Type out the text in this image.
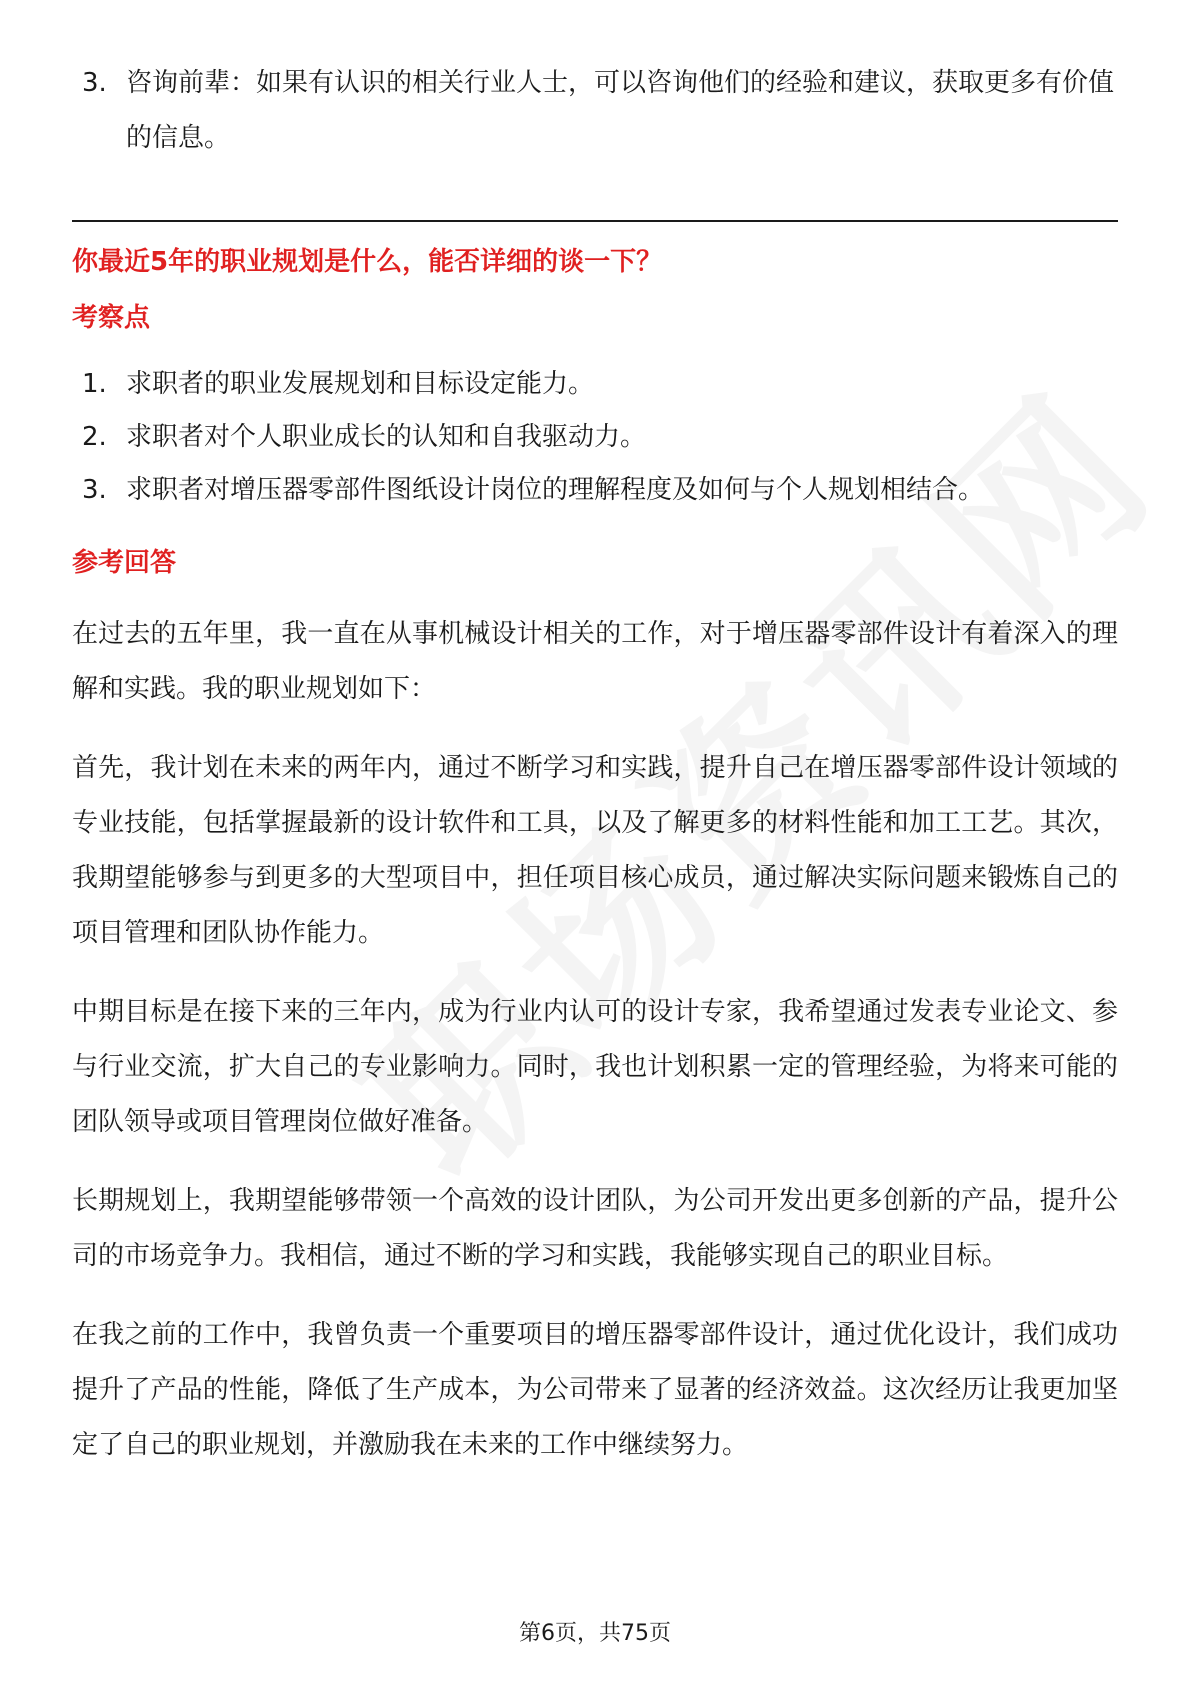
3. 咨询前辈：如果有认识的相关行业人士，可以咨询他们的经验和建议，获取更多有价值的信息。
你最近5年的职业规划是什么，能否详细的谈一下？
考察点
1. 求职者的职业发展规划和目标设定能力。
2. 求职者对个人职业成长的认知和自我驱动力。
3. 求职者对增压器零部件图纸设计岗位的理解程度及如何与个人规划相结合。
参考回答

在过去的五年里，我一直在从事机械设计相关的工作，对于增压器零部件设计有着深入的理解和实践。我的职业规划如下：

首先，我计划在未来的两年内，通过不断学习和实践，提升自己在增压器零部件设计领域的专业技能，包括掌握最新的设计软件和工具，以及了解更多的材料性能和加工工艺。其次，我期望能够参与到更多的大型项目中，担任项目核心成员，通过解决实际问题来锻炼自己的项目管理和团队协作能力。

中期目标是在接下来的三年内，成为行业内认可的设计专家，我希望通过发表专业论文、参与行业交流，扩大自己的专业影响力。同时，我也计划积累一定的管理经验，为将来可能的团队领导或项目管理岗位做好准备。

长期规划上，我期望能够带领一个高效的设计团队，为公司开发出更多创新的产品，提升公司的市场竞争力。我相信，通过不断的学习和实践，我能够实现自己的职业目标。

在我之前的工作中，我曾负责一个重要项目的增压器零部件设计，通过优化设计，我们成功提升了产品的性能，降低了生产成本，为公司带来了显著的经济效益。这次经历让我更加坚定了自己的职业规划，并激励我在未来的工作中继续努力。

第6页，共75页
